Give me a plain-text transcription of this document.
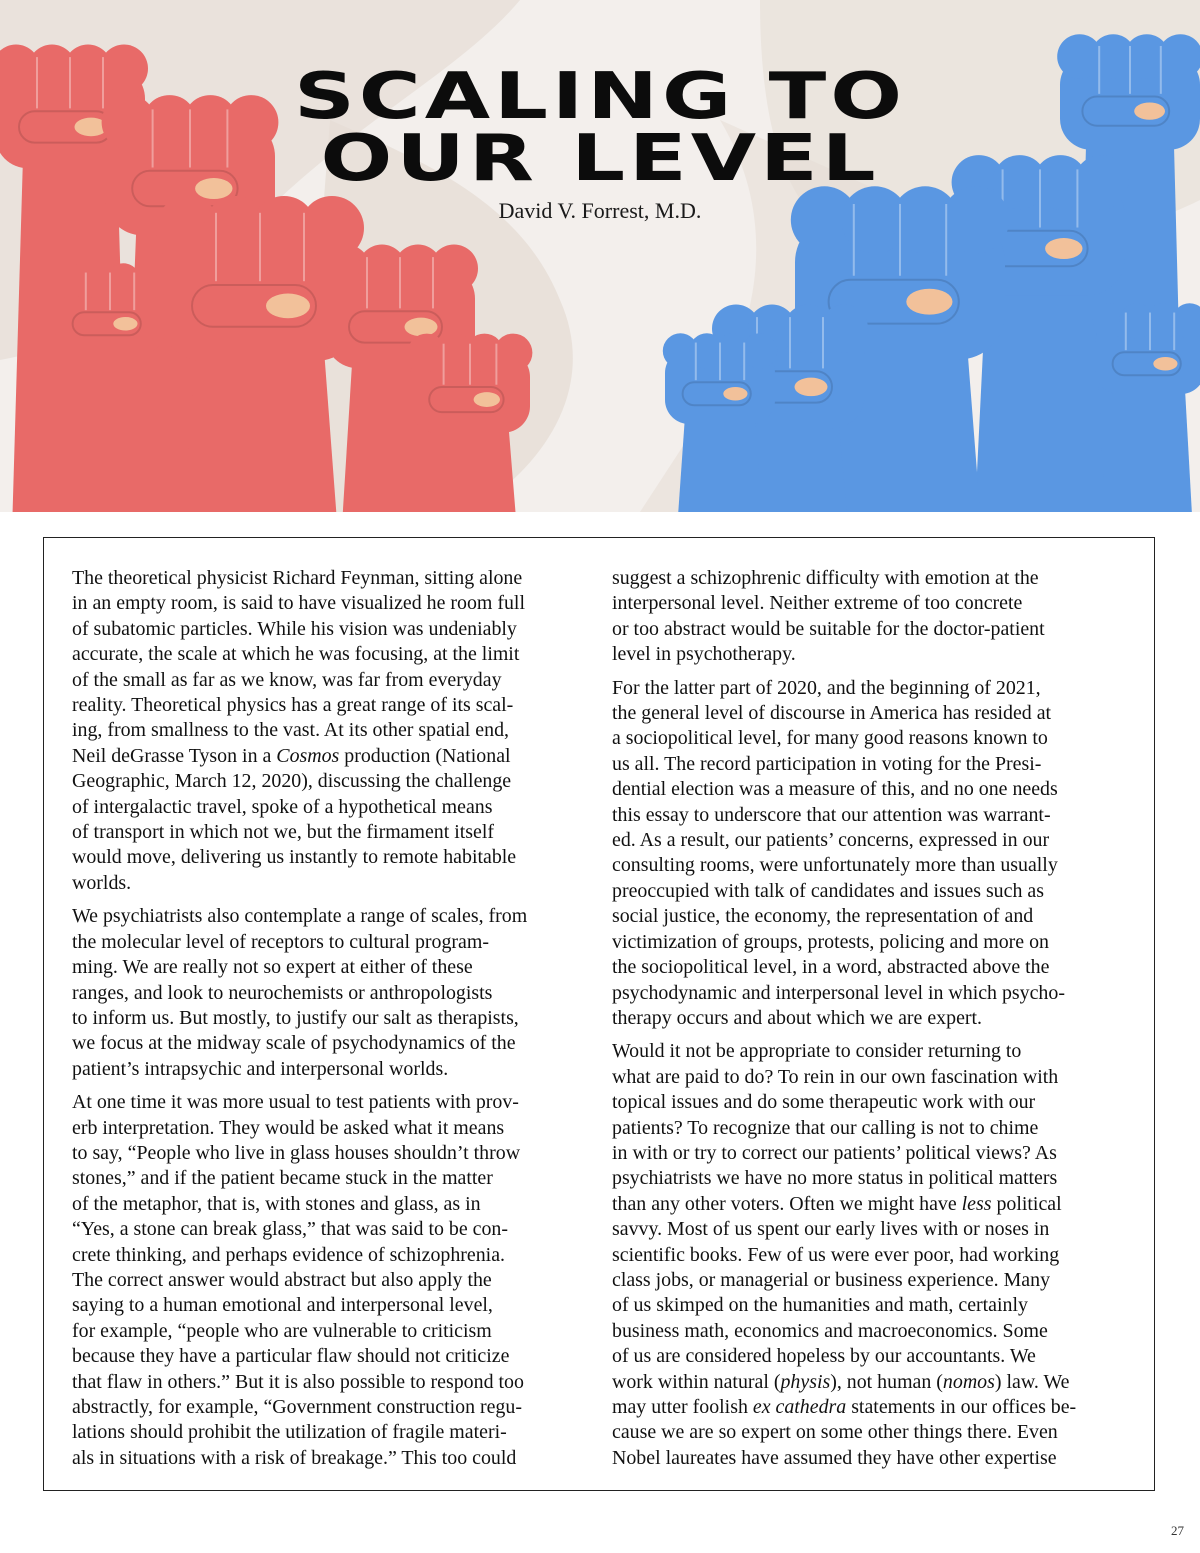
SCALING TO
OUR LEVEL
David V. Forrest, M.D.

The theoretical physicist Richard Feynman, sitting alone
in an empty room, is said to have visualized he room full
of subatomic particles. While his vision was undeniably
accurate, the scale at which he was focusing, at the limit
of the small as far as we know, was far from everyday
reality. Theoretical physics has a great range of its scal-
ing, from smallness to the vast. At its other spatial end,
Neil deGrasse Tyson in a Cosmos production (National
Geographic, March 12, 2020), discussing the challenge
of intergalactic travel, spoke of a hypothetical means
of transport in which not we, but the firmament itself
would move, delivering us instantly to remote habitable
worlds.

We psychiatrists also contemplate a range of scales, from
the molecular level of receptors to cultural program-
ming. We are really not so expert at either of these
ranges, and look to neurochemists or anthropologists
to inform us. But mostly, to justify our salt as therapists,
we focus at the midway scale of psychodynamics of the
patient’s intrapsychic and interpersonal worlds.

At one time it was more usual to test patients with prov-
erb interpretation. They would be asked what it means
to say, “People who live in glass houses shouldn’t throw
stones,” and if the patient became stuck in the matter
of the metaphor, that is, with stones and glass, as in
“Yes, a stone can break glass,” that was said to be con-
crete thinking, and perhaps evidence of schizophrenia.
The correct answer would abstract but also apply the
saying to a human emotional and interpersonal level,
for example, “people who are vulnerable to criticism
because they have a particular flaw should not criticize
that flaw in others.” But it is also possible to respond too
abstractly, for example, “Government construction regu-
lations should prohibit the utilization of fragile materi-
als in situations with a risk of breakage.” This too could

suggest a schizophrenic difficulty with emotion at the
interpersonal level. Neither extreme of too concrete
or too abstract would be suitable for the doctor-patient
level in psychotherapy.

For the latter part of 2020, and the beginning of 2021,
the general level of discourse in America has resided at
a sociopolitical level, for many good reasons known to
us all. The record participation in voting for the Presi-
dential election was a measure of this, and no one needs
this essay to underscore that our attention was warrant-
ed. As a result, our patients’ concerns, expressed in our
consulting rooms, were unfortunately more than usually
preoccupied with talk of candidates and issues such as
social justice, the economy, the representation of and
victimization of groups, protests, policing and more on
the sociopolitical level, in a word, abstracted above the
psychodynamic and interpersonal level in which psycho-
therapy occurs and about which we are expert.

Would it not be appropriate to consider returning to
what are paid to do? To rein in our own fascination with
topical issues and do some therapeutic work with our
patients? To recognize that our calling is not to chime
in with or try to correct our patients’ political views? As
psychiatrists we have no more status in political matters
than any other voters. Often we might have less political
savvy. Most of us spent our early lives with or noses in
scientific books. Few of us were ever poor, had working
class jobs, or managerial or business experience. Many
of us skimped on the humanities and math, certainly
business math, economics and macroeconomics. Some
of us are considered hopeless by our accountants. We
work within natural (physis), not human (nomos) law. We
may utter foolish ex cathedra statements in our offices be-
cause we are so expert on some other things there. Even
Nobel laureates have assumed they have other expertise

27
